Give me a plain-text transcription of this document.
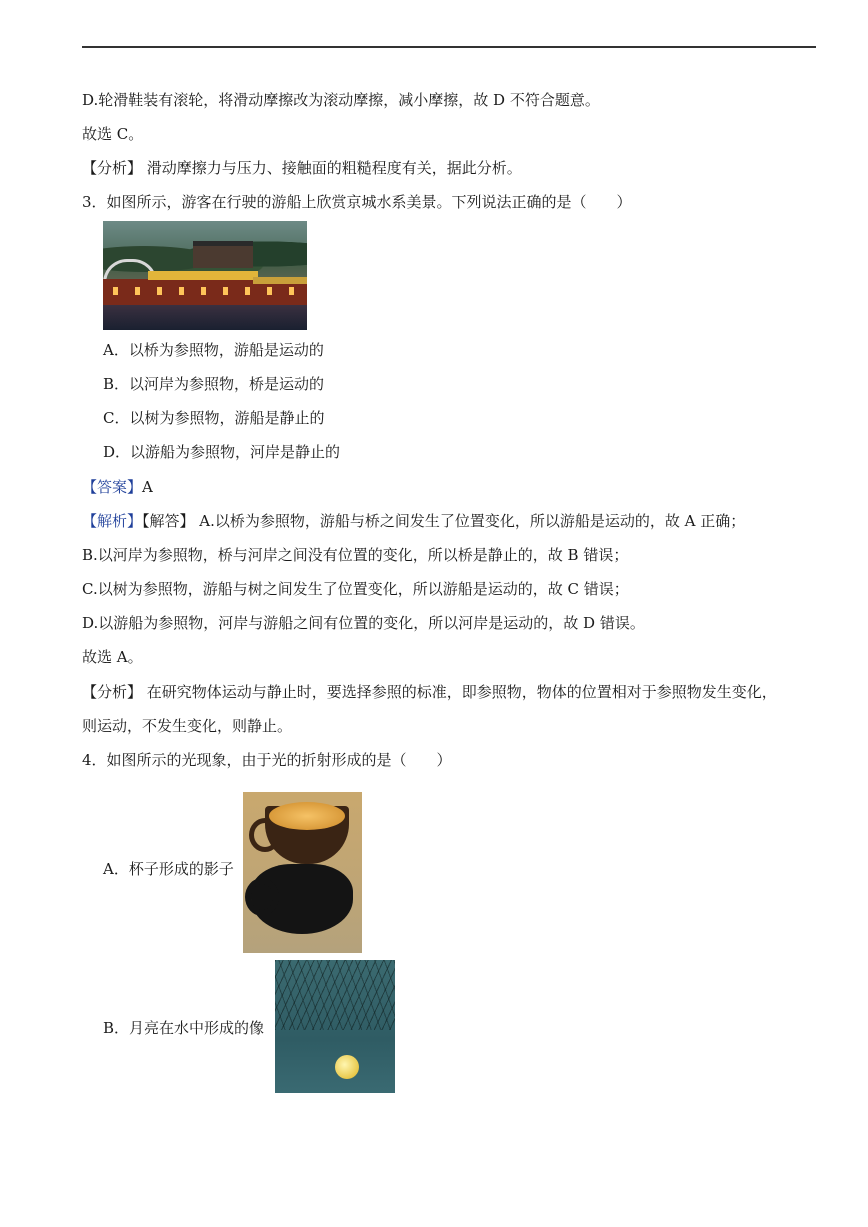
D.轮滑鞋装有滚轮，将滑动摩擦改为滚动摩擦，减小摩擦，故 D 不符合题意。
故选 C。
【分析】 滑动摩擦力与压力、接触面的粗糙程度有关，据此分析。
3．如图所示，游客在行驶的游船上欣赏京城水系美景。下列说法正确的是（　　）
A．以桥为参照物，游船是运动的
B．以河岸为参照物，桥是运动的
C．以树为参照物，游船是静止的
D．以游船为参照物，河岸是静止的
【答案】A
【解析】【解答】 A.以桥为参照物，游船与桥之间发生了位置变化，所以游船是运动的，故 A 正确；
B.以河岸为参照物，桥与河岸之间没有位置的变化，所以桥是静止的，故 B 错误；
C.以树为参照物，游船与树之间发生了位置变化，所以游船是运动的，故 C 错误；
D.以游船为参照物，河岸与游船之间有位置的变化，所以河岸是运动的，故 D 错误。
故选 A。
【分析】 在研究物体运动与静止时，要选择参照的标准，即参照物，物体的位置相对于参照物发生变化，
则运动，不发生变化，则静止。
4．如图所示的光现象，由于光的折射形成的是（　　）
A．杯子形成的影子
B．月亮在水中形成的像
